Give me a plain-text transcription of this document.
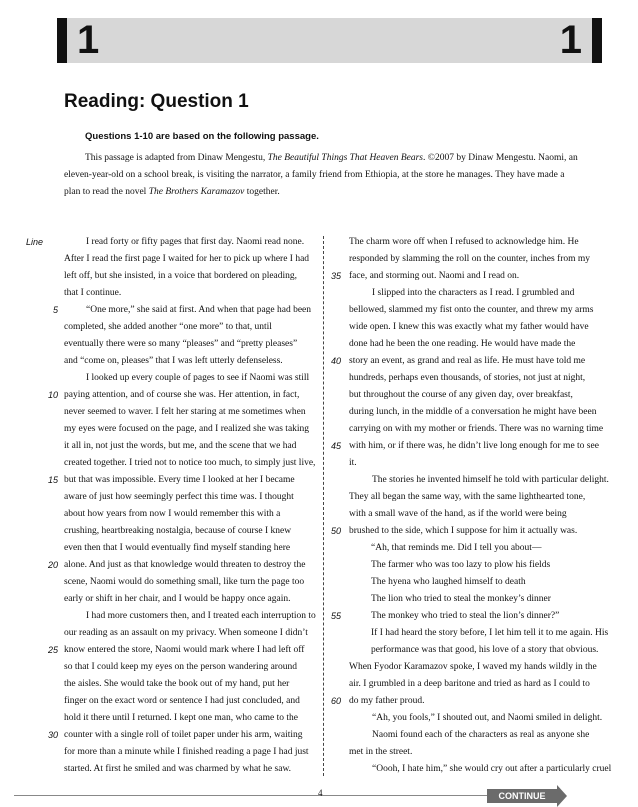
1	1
Reading: Question 1
Questions 1-10 are based on the following passage.

This passage is adapted from Dinaw Mengestu, The Beautiful Things That Heaven Bears. ©2007 by Dinaw Mengestu. Naomi, an eleven-year-old on a school break, is visiting the narrator, a family friend from Ethiopia, at the store he manages. They have made a plan to read the novel The Brothers Karamazov together.

Line	I read forty or fifty pages that first day. Naomi read none.
After I read the first page I waited for her to pick up where I had
left off, but she insisted, in a voice that bordered on pleading,
that I continue.
5	“One more,” she said at first. And when that page had been
completed, she added another “one more” to that, until
eventually there were so many “pleases” and “pretty pleases”
and “come on, pleases” that I was left utterly defenseless.
I looked up every couple of pages to see if Naomi was still
10 paying attention, and of course she was. Her attention, in fact,
never seemed to waver. I felt her staring at me sometimes when
my eyes were focused on the page, and I realized she was taking
it all in, not just the words, but me, and the scene that we had
created together. I tried not to notice too much, to simply just live,
15 but that was impossible. Every time I looked at her I became
aware of just how seemingly perfect this time was. I thought
about how years from now I would remember this with a
crushing, heartbreaking nostalgia, because of course I knew
even then that I would eventually find myself standing here
20 alone. And just as that knowledge would threaten to destroy the
scene, Naomi would do something small, like turn the page too
early or shift in her chair, and I would be happy once again.
I had more customers then, and I treated each interruption to
our reading as an assault on my privacy. When someone I didn’t
25 know entered the store, Naomi would mark where I had left off
so that I could keep my eyes on the person wandering around
the aisles. She would take the book out of my hand, put her
finger on the exact word or sentence I had just concluded, and
hold it there until I returned. I kept one man, who came to the
30 counter with a single roll of toilet paper under his arm, waiting
for more than a minute while I finished reading a page I had just
started. At first he smiled and was charmed by what he saw.
The charm wore off when I refused to acknowledge him. He
responded by slamming the roll on the counter, inches from my
35 face, and storming out. Naomi and I read on.
I slipped into the characters as I read. I grumbled and
bellowed, slammed my fist onto the counter, and threw my arms
wide open. I knew this was exactly what my father would have
done had he been the one reading. He would have made the
40 story an event, as grand and real as life. He must have told me
hundreds, perhaps even thousands, of stories, not just at night,
but throughout the course of any given day, over breakfast,
during lunch, in the middle of a conversation he might have been
carrying on with my mother or friends. There was no warning time
45 with him, or if there was, he didn’t live long enough for me to see
it.
The stories he invented himself he told with particular delight.
They all began the same way, with the same lighthearted tone,
with a small wave of the hand, as if the world were being
50 brushed to the side, which I suppose for him it actually was.
“Ah, that reminds me. Did I tell you about—
The farmer who was too lazy to plow his fields
The hyena who laughed himself to death
The lion who tried to steal the monkey’s dinner
55	The monkey who tried to steal the lion’s dinner?”
If I had heard the story before, I let him tell it to me again. His
performance was that good, his love of a story that obvious.
When Fyodor Karamazov spoke, I waved my hands wildly in the
air. I grumbled in a deep baritone and tried as hard as I could to
60 do my father proud.
“Ah, you fools,” I shouted out, and Naomi smiled in delight.
Naomi found each of the characters as real as anyone she
met in the street.
“Oooh, I hate him,” she would cry out after a particularly cruel
4	CONTINUE
